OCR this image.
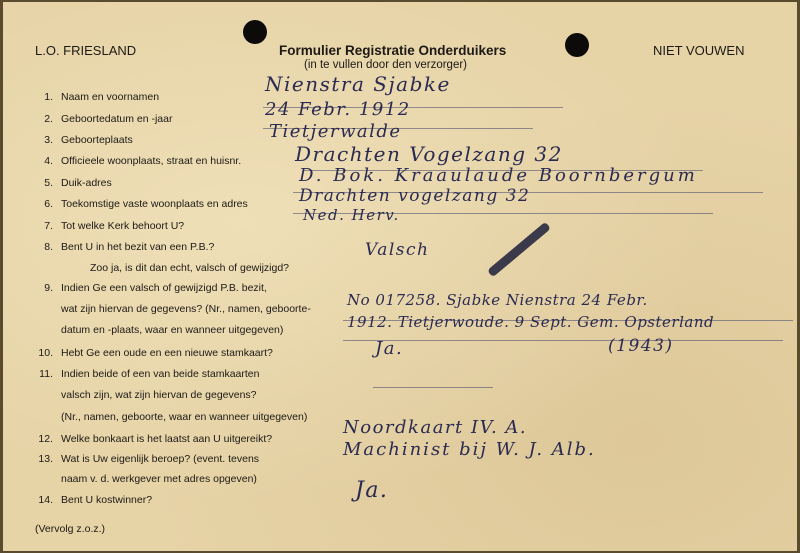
L.O. FRIESLAND	Formulier Registratie Onderduikers
(in te vullen door den verzorger)
NIET VOUWEN
1.
2.
3.
4.
5.
6.
7.
8.
9.
10.
11.
12.
13.
14.
Naam en voornamen
Geboortedatum en -jaar
Geboorteplaats
Officieele woonplaats, straat en huisnr.
Duik-adres
Toekomstige vaste woonplaats en adres
Tot welke Kerk behoort U?
Bent U in het bezit van een P.B.?
Zoo ja, is dit dan echt, valsch of gewijzigd?
Indien Ge een valsch of gewijzigd P.B. bezit,
wat zijn hiervan de gegevens? (Nr., namen, geboorte-
datum en -plaats, waar en wanneer uitgegeven)
Hebt Ge een oude en een nieuwe stamkaart?
Indien beide of een van beide stamkaarten
valsch zijn, wat zijn hiervan de gegevens?
(Nr., namen, geboorte, waar en wanneer uitgegeven)
Welke bonkaart is het laatst aan U uitgereikt?
Wat is Uw eigenlijk beroep? (event. tevens
naam v. d. werkgever met adres opgeven)
Bent U kostwinner?
(Vervolg z.o.z.)
Nienstra Sjabke
24 Febr. 1912
Tietjerwalde
Drachten Vogelzang 32
D. Bok. Kraaulaude Boornbergum
Drachten vogelzang 32
Ned. Herv.
Valsch
No 017258. Sjabke Nienstra 24 Febr.
1912. Tietjerwoude. 9 Sept. Gem. Opsterland
Ja.	(1943)
Noordkaart IV. A.
Machinist bij W. J. Alb.
Ja.
